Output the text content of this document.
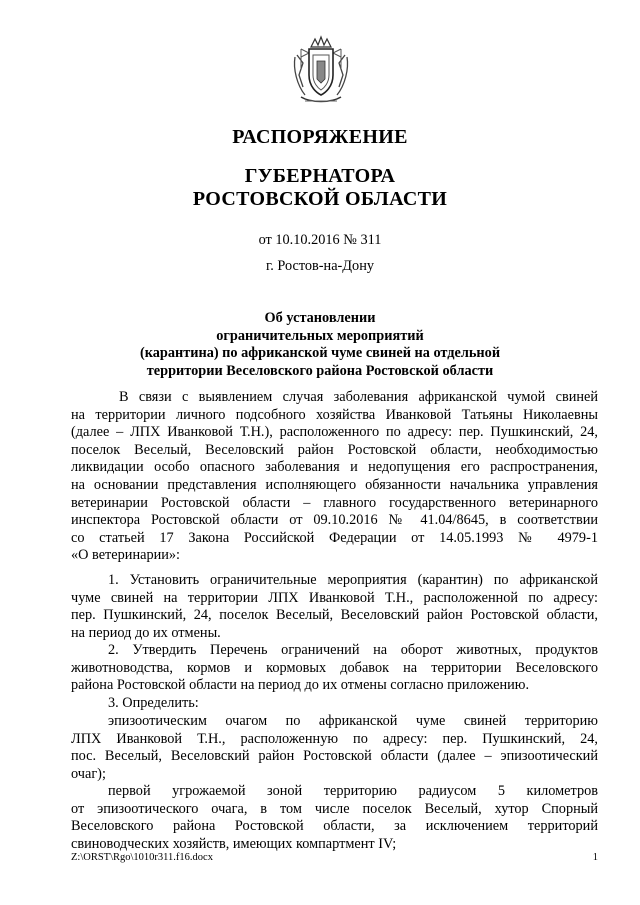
РАСПОРЯЖЕНИЕ
ГУБЕРНАТОРА
РОСТОВСКОЙ ОБЛАСТИ
от 10.10.2016 № 311
г. Ростов-на-Дону
Об установлении
ограничительных мероприятий
(карантина) по африканской чуме свиней на отдельной
территории Веселовского района Ростовской области
В связи с выявлением случая заболевания африканской чумой свиней
на территории личного подсобного хозяйства Иванковой Татьяны Николаевны
(далее – ЛПХ Иванковой Т.Н.), расположенного по адресу: пер. Пушкинский, 24,
поселок Веселый, Веселовский район Ростовской области, необходимостью
ликвидации особо опасного заболевания и недопущения его распространения,
на основании представления исполняющего обязанности начальника управления
ветеринарии Ростовской области – главного государственного ветеринарного
инспектора Ростовской области от 09.10.2016 № 41.04/8645, в соответствии
со статьей 17 Закона Российской Федерации от 14.05.1993 № 4979-1
«О ветеринарии»:
1. Установить ограничительные мероприятия (карантин) по африканской
чуме свиней на территории ЛПХ Иванковой Т.Н., расположенной по адресу:
пер. Пушкинский, 24, поселок Веселый, Веселовский район Ростовской области,
на период до их отмены.
2. Утвердить Перечень ограничений на оборот животных, продуктов
животноводства, кормов и кормовых добавок на территории Веселовского
района Ростовской области на период до их отмены согласно приложению.
3. Определить:
эпизоотическим очагом по африканской чуме свиней территорию
ЛПХ Иванковой Т.Н., расположенную по адресу: пер. Пушкинский, 24,
пос. Веселый, Веселовский район Ростовской области (далее – эпизоотический
очаг);
первой угрожаемой зоной территорию радиусом 5 километров
от эпизоотического очага, в том числе поселок Веселый, хутор Спорный
Веселовского района Ростовской области, за исключением территорий
свиноводческих хозяйств, имеющих компартмент IV;
Z:\ORST\Rgo\1010r311.f16.docx	1
